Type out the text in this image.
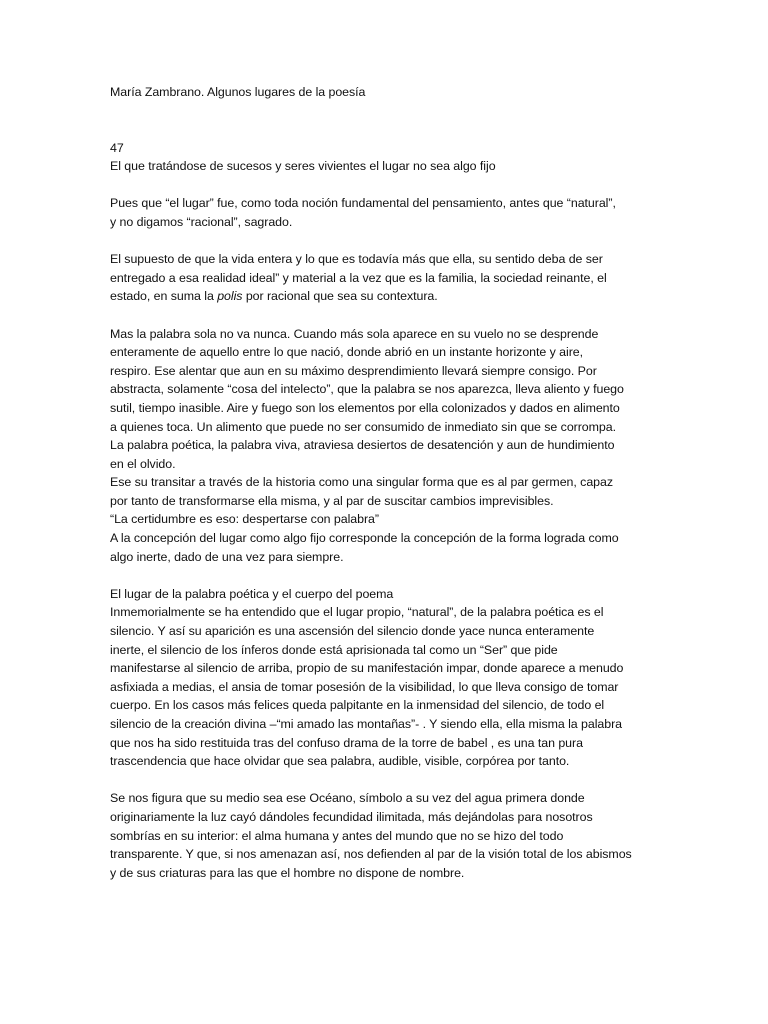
María Zambrano. Algunos lugares de la poesía

47

El que tratándose de sucesos y seres vivientes el lugar no sea algo fijo

Pues que “el lugar” fue, como toda noción fundamental del pensamiento, antes que “natural”,
y no digamos “racional”, sagrado.

El supuesto de que la vida entera y lo que es todavía más que ella, su sentido deba de ser
entregado a esa realidad ideal” y material a la vez que es la familia, la sociedad reinante, el
estado, en suma la polis por racional que sea su contextura.

Mas la palabra sola no va nunca. Cuando más sola aparece en su vuelo no se desprende
enteramente de aquello entre lo que nació, donde abrió en un instante horizonte y aire,
respiro. Ese alentar que aun en su máximo desprendimiento llevará siempre consigo. Por
abstracta, solamente “cosa del intelecto”, que la palabra se nos aparezca, lleva aliento y fuego
sutil, tiempo inasible. Aire y fuego son los elementos por ella colonizados y dados en alimento
a quienes toca. Un alimento que puede no ser consumido de inmediato sin que se corrompa.
La palabra poética, la palabra viva, atraviesa desiertos de desatención y aun de hundimiento
en el olvido.
Ese su transitar a través de la historia como una singular forma que es al par germen, capaz
por tanto de transformarse ella misma, y al par de suscitar cambios imprevisibles.
“La certidumbre es eso: despertarse con palabra”
A la concepción del lugar como algo fijo corresponde la concepción de la forma lograda como
algo inerte, dado de una vez para siempre.

El lugar de la palabra poética y el cuerpo del poema
Inmemorialmente se ha entendido que el lugar propio, “natural”, de la palabra poética es el
silencio. Y así su aparición es una ascensión del silencio donde yace nunca enteramente
inerte, el silencio de los ínferos donde está aprisionada tal como un “Ser” que pide
manifestarse al silencio de arriba, propio de su manifestación impar, donde aparece a menudo
asfixiada a medias, el ansia de tomar posesión de la visibilidad, lo que lleva consigo de tomar
cuerpo. En los casos más felices queda palpitante en la inmensidad del silencio, de todo el
silencio de la creación divina –“mi amado las montañas”- . Y siendo ella, ella misma la palabra
que nos ha sido restituida tras del confuso drama de la torre de babel , es una tan pura
trascendencia que hace olvidar que sea palabra, audible, visible, corpórea por tanto.

Se nos figura que su medio sea ese Océano, símbolo a su vez del agua primera donde
originariamente la luz cayó dándoles fecundidad ilimitada, más dejándolas para nosotros
sombrías en su interior: el alma humana y antes del mundo que no se hizo del todo
transparente. Y que, si nos amenazan así, nos defienden al par de la visión total de los abismos
y de sus criaturas para las que el hombre no dispone de nombre.
